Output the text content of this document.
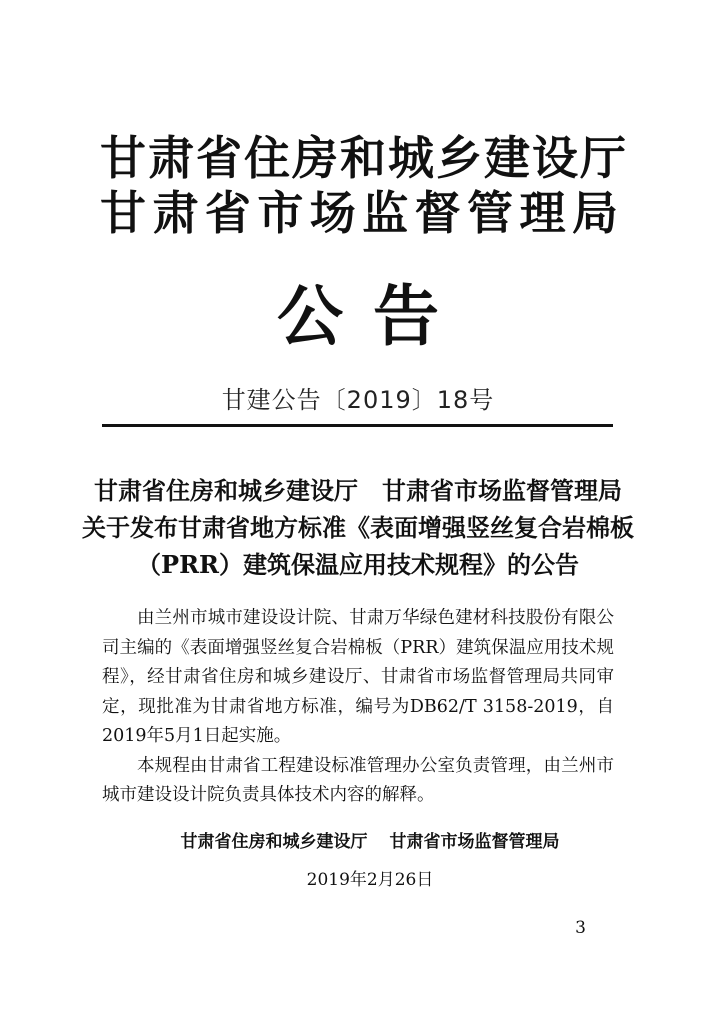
甘肃省住房和城乡建设厅
甘肃省市场监督管理局
公告
甘建公告〔2019〕18号
甘肃省住房和城乡建设厅　甘肃省市场监督管理局
关于发布甘肃省地方标准《表面增强竖丝复合岩棉板
（PRR）建筑保温应用技术规程》的公告

由兰州市城市建设设计院、甘肃万华绿色建材科技股份有限公司主编的《表面增强竖丝复合岩棉板（PRR）建筑保温应用技术规程》，经甘肃省住房和城乡建设厅、甘肃省市场监督管理局共同审定，现批准为甘肃省地方标准，编号为DB62/T 3158-2019，自2019年5月1日起实施。

本规程由甘肃省工程建设标准管理办公室负责管理，由兰州市城市建设设计院负责具体技术内容的解释。

甘肃省住房和城乡建设厅 甘肃省市场监督管理局
2019年2月26日
3
